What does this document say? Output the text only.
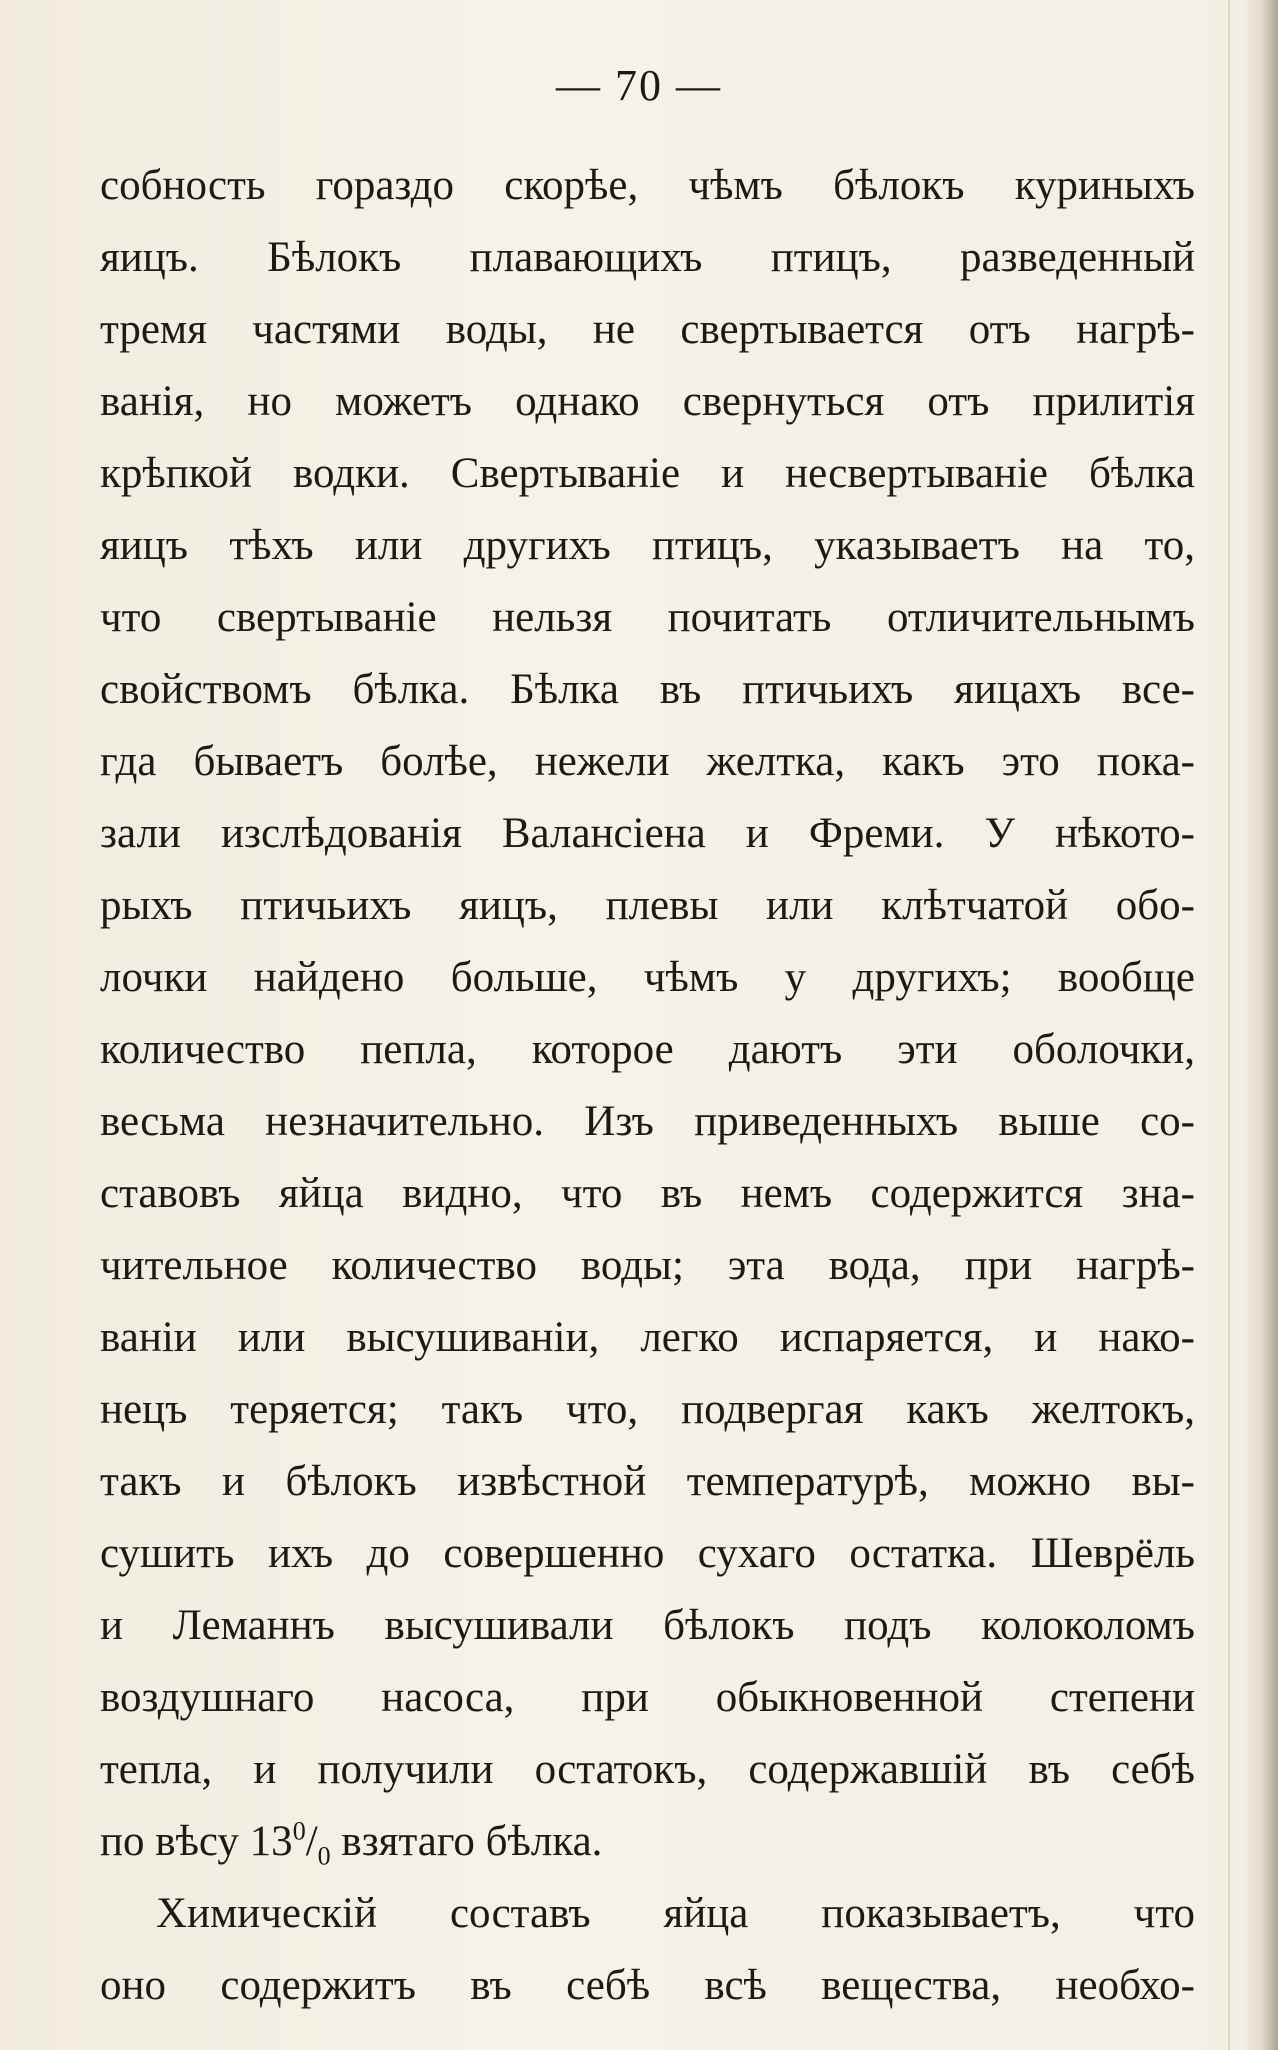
— 70 —
собность гораздо скорѣе, чѣмъ бѣлокъ куриныхъ
яицъ. Бѣлокъ плавающихъ птицъ, разведенный
тремя частями воды, не свертывается отъ нагрѣ-
ванія, но можетъ однако свернуться отъ прилитія
крѣпкой водки. Свертываніе и несвертываніе бѣлка
яицъ тѣхъ или другихъ птицъ, указываетъ на то,
что свертываніе нельзя почитать отличительнымъ
свойствомъ бѣлка. Бѣлка въ птичьихъ яицахъ все-
гда бываетъ болѣе, нежели желтка, какъ это пока-
зали изслѣдованія Валансіена и Фреми. У нѣкото-
рыхъ птичьихъ яицъ, плевы или клѣтчатой обо-
лочки найдено больше, чѣмъ у другихъ; вообще
количество пепла, которое даютъ эти оболочки,
весьма незначительно. Изъ приведенныхъ выше со-
ставовъ яйца видно, что въ немъ содержится зна-
чительное количество воды; эта вода, при нагрѣ-
ваніи или высушиваніи, легко испаряется, и нако-
нецъ теряется; такъ что, подвергая какъ желтокъ,
такъ и бѣлокъ извѣстной температурѣ, можно вы-
сушить ихъ до совершенно сухаго остатка. Шеврёль
и Леманнъ высушивали бѣлокъ подъ колоколомъ
воздушнаго насоса, при обыкновенной степени
тепла, и получили остатокъ, содержавшій въ себѣ
по вѣсу $13^0/_0$ взятаго бѣлка.
Химическій составъ яйца показываетъ, что
оно содержитъ въ себѣ всѣ вещества, необхо-
